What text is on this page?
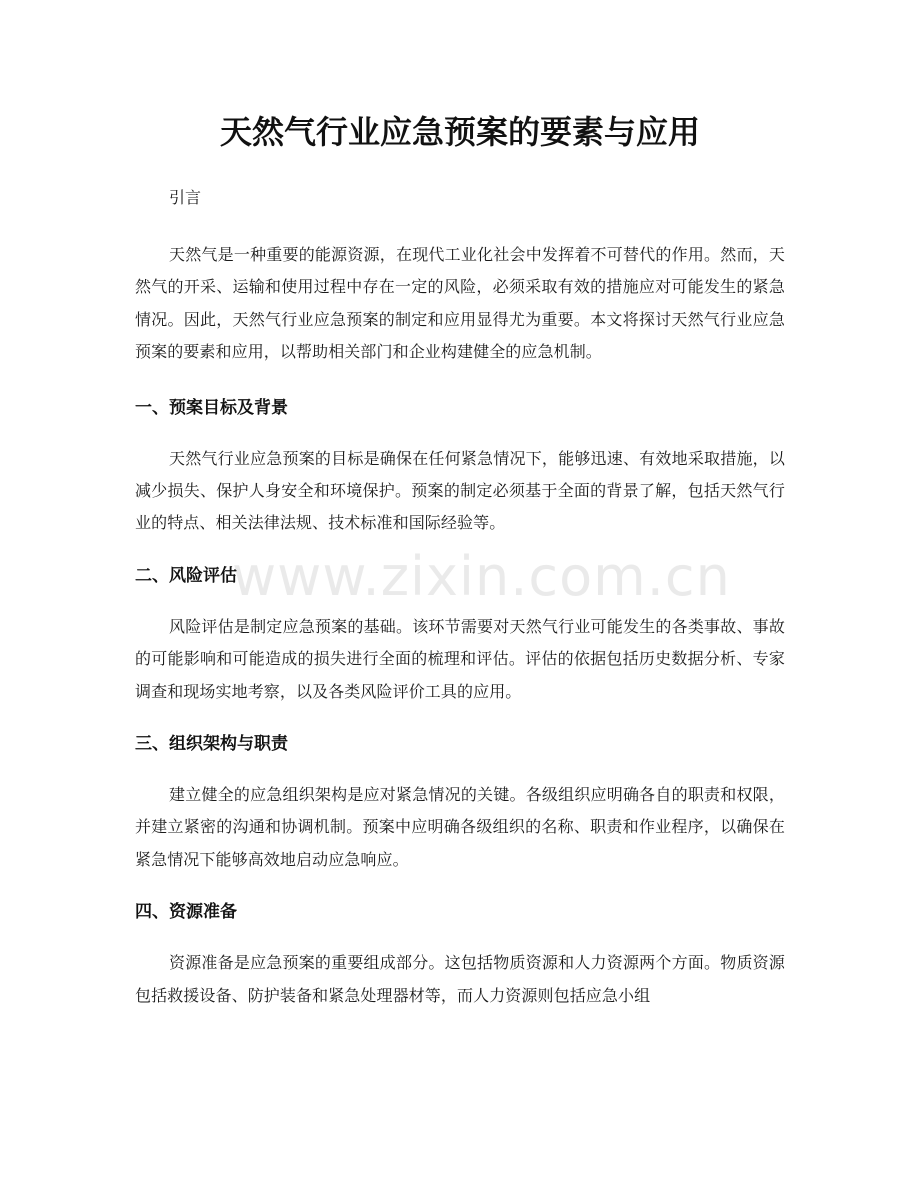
天然气行业应急预案的要素与应用

引言

天然气是一种重要的能源资源，在现代工业化社会中发挥着不可替代的作用。然而，天然气的开采、运输和使用过程中存在一定的风险，必须采取有效的措施应对可能发生的紧急情况。因此，天然气行业应急预案的制定和应用显得尤为重要。本文将探讨天然气行业应急预案的要素和应用，以帮助相关部门和企业构建健全的应急机制。

一、预案目标及背景

天然气行业应急预案的目标是确保在任何紧急情况下，能够迅速、有效地采取措施，以减少损失、保护人身安全和环境保护。预案的制定必须基于全面的背景了解，包括天然气行业的特点、相关法律法规、技术标准和国际经验等。

二、风险评估

风险评估是制定应急预案的基础。该环节需要对天然气行业可能发生的各类事故、事故的可能影响和可能造成的损失进行全面的梳理和评估。评估的依据包括历史数据分析、专家调查和现场实地考察，以及各类风险评价工具的应用。

三、组织架构与职责

建立健全的应急组织架构是应对紧急情况的关键。各级组织应明确各自的职责和权限，并建立紧密的沟通和协调机制。预案中应明确各级组织的名称、职责和作业程序，以确保在紧急情况下能够高效地启动应急响应。

四、资源准备

资源准备是应急预案的重要组成部分。这包括物质资源和人力资源两个方面。物质资源包括救援设备、防护装备和紧急处理器材等，而人力资源则包括应急小组

www.zixin.com.cn
